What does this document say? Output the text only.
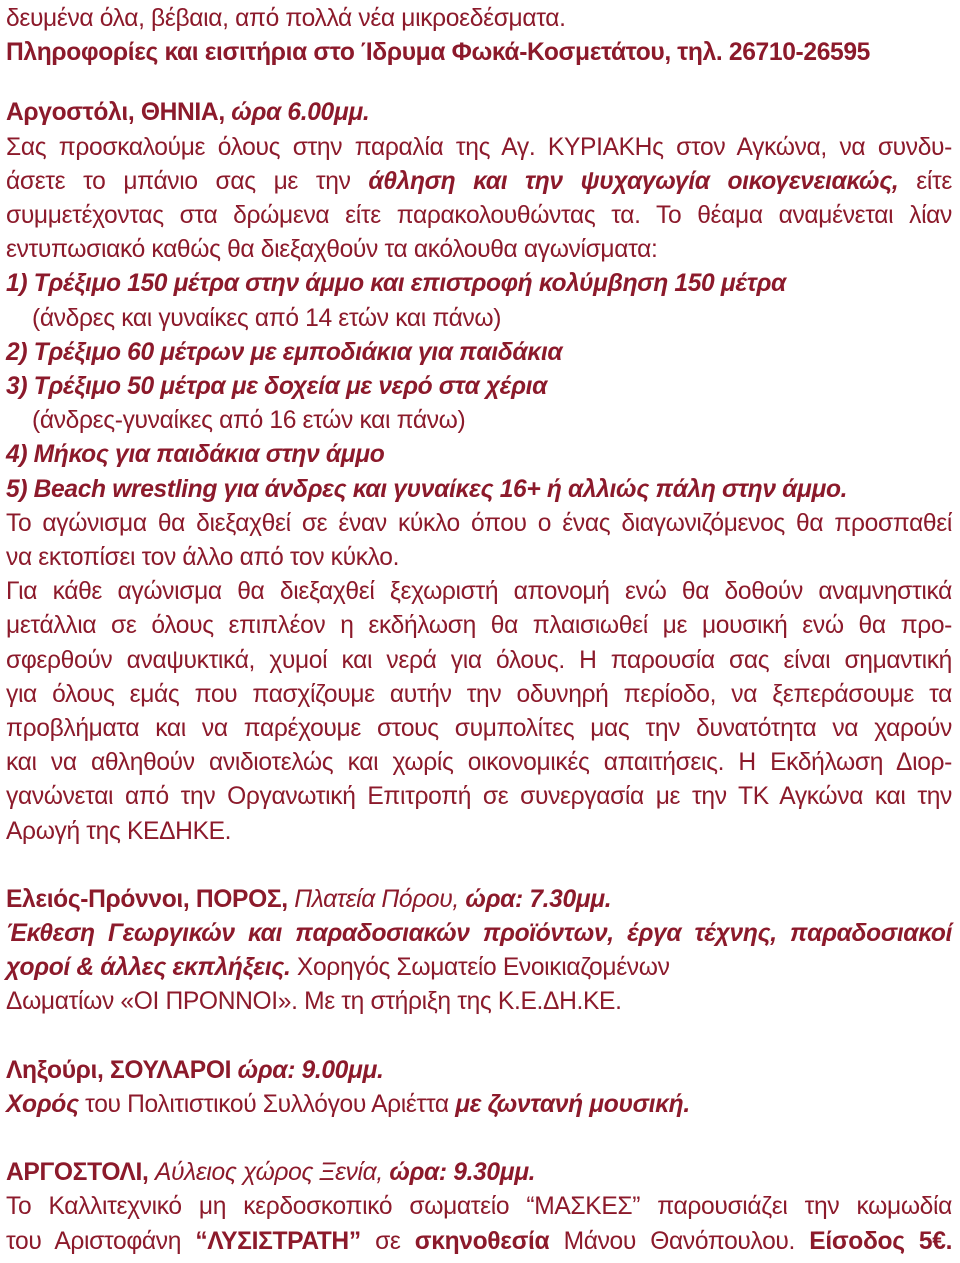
δευμένα όλα, βέβαια, από πολλά νέα μικροεδέσματα.
Πληροφορίες και εισιτήρια στο Ίδρυμα Φωκά-Κοσμετάτου, τηλ. 26710-26595
Αργοστόλι, ΘΗΝΙΑ, ώρα 6.00μμ.
Σας προσκαλούμε όλους στην παραλία της Αγ. ΚΥΡΙΑΚΗς στον Αγκώνα, να συνδυ-
άσετε το μπάνιο σας με την άθληση και την ψυχαγωγία οικογενειακώς, είτε
συμμετέχοντας στα δρώμενα είτε παρακολουθώντας τα. Το θέαμα αναμένεται λίαν
εντυπωσιακό καθώς θα διεξαχθούν τα ακόλουθα αγωνίσματα:
1) Τρέξιμο 150 μέτρα στην άμμο και επιστροφή κολύμβηση 150 μέτρα
(άνδρες και γυναίκες από 14 ετών και πάνω)
2) Τρέξιμο 60 μέτρων με εμποδιάκια για παιδάκια
3) Τρέξιμο 50 μέτρα με δοχεία με νερό στα χέρια
(άνδρες-γυναίκες από 16 ετών και πάνω)
4) Μήκος για παιδάκια στην άμμο
5) Beach wrestling για άνδρες και γυναίκες 16+ ή αλλιώς πάλη στην άμμο.
Το αγώνισμα θα διεξαχθεί σε έναν κύκλο όπου ο ένας διαγωνιζόμενος θα προσπαθεί
να εκτοπίσει τον άλλο από τον κύκλο.
Για κάθε αγώνισμα θα διεξαχθεί ξεχωριστή απονομή ενώ θα δοθούν αναμνηστικά
μετάλλια σε όλους επιπλέον η εκδήλωση θα πλαισιωθεί με μουσική ενώ θα προ-
σφερθούν αναψυκτικά, χυμοί και νερά για όλους. Η παρουσία σας είναι σημαντική
για όλους εμάς που πασχίζουμε αυτήν την οδυνηρή περίοδο, να ξεπεράσουμε τα
προβλήματα και να παρέχουμε στους συμπολίτες μας την δυνατότητα να χαρούν
και να αθληθούν ανιδιοτελώς και χωρίς οικονομικές απαιτήσεις. Η Εκδήλωση Διορ-
γανώνεται από την Οργανωτική Επιτροπή σε συνεργασία με την ΤΚ Αγκώνα και την
Αρωγή της ΚΕΔΗΚΕ.
Ελειός-Πρόννοι, ΠΟΡΟΣ, Πλατεία Πόρου, ώρα: 7.30μμ.
Έκθεση Γεωργικών και παραδοσιακών προϊόντων, έργα τέχνης, παραδοσιακοί
χοροί & άλλες εκπλήξεις. Χορηγός Σωματείο Ενοικιαζομένων
Δωματίων «ΟΙ ΠΡΟΝΝΟΙ». Με τη στήριξη της Κ.Ε.ΔΗ.ΚΕ.
Ληξούρι, ΣΟΥΛΑΡΟΙ ώρα: 9.00μμ.
Χορός του Πολιτιστικού Συλλόγου Αριέττα με ζωντανή μουσική.
ΑΡΓΟΣΤΟΛΙ, Αύλειος χώρος Ξενία, ώρα: 9.30μμ.
Το Καλλιτεχνικό μη κερδοσκοπικό σωματείο “ΜΑΣΚΕΣ” παρουσιάζει την κωμωδία
του Αριστοφάνη “ΛΥΣΙΣΤΡΑΤΗ” σε σκηνοθεσία Μάνου Θανόπουλου. Είσοδος 5€.
